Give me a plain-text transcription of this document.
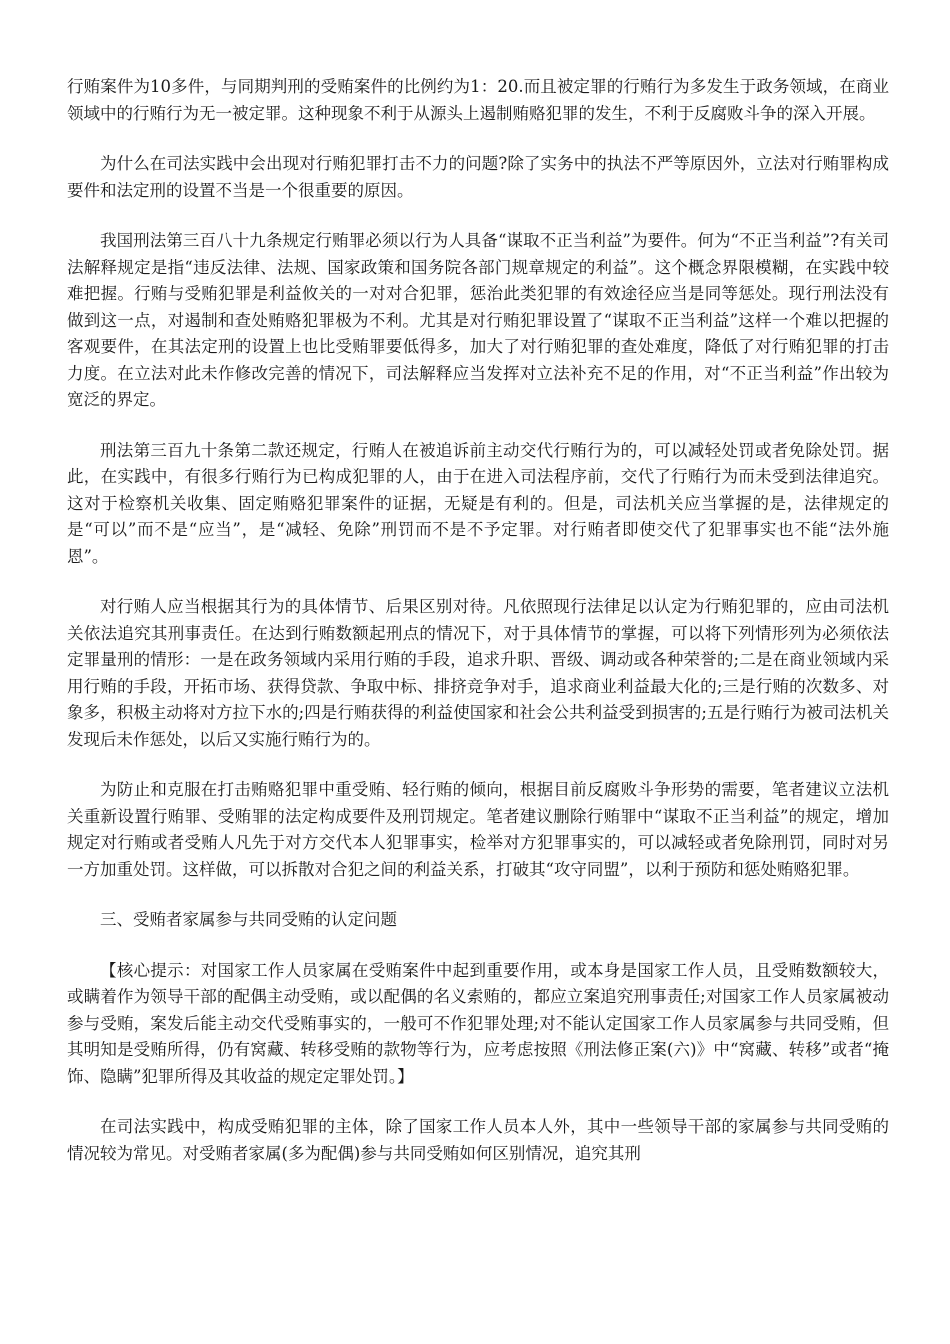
行贿案件为10多件，与同期判刑的受贿案件的比例约为1：20.而且被定罪的行贿行为多发生于政务领域，在商业领域中的行贿行为无一被定罪。这种现象不利于从源头上遏制贿赂犯罪的发生，不利于反腐败斗争的深入开展。

为什么在司法实践中会出现对行贿犯罪打击不力的问题?除了实务中的执法不严等原因外，立法对行贿罪构成要件和法定刑的设置不当是一个很重要的原因。

我国刑法第三百八十九条规定行贿罪必须以行为人具备“谋取不正当利益”为要件。何为“不正当利益”?有关司法解释规定是指“违反法律、法规、国家政策和国务院各部门规章规定的利益”。这个概念界限模糊，在实践中较难把握。行贿与受贿犯罪是利益攸关的一对对合犯罪，惩治此类犯罪的有效途径应当是同等惩处。现行刑法没有做到这一点，对遏制和查处贿赂犯罪极为不利。尤其是对行贿犯罪设置了“谋取不正当利益”这样一个难以把握的客观要件，在其法定刑的设置上也比受贿罪要低得多，加大了对行贿犯罪的查处难度，降低了对行贿犯罪的打击力度。在立法对此未作修改完善的情况下，司法解释应当发挥对立法补充不足的作用，对“不正当利益”作出较为宽泛的界定。

刑法第三百九十条第二款还规定，行贿人在被追诉前主动交代行贿行为的，可以减轻处罚或者免除处罚。据此，在实践中，有很多行贿行为已构成犯罪的人，由于在进入司法程序前，交代了行贿行为而未受到法律追究。这对于检察机关收集、固定贿赂犯罪案件的证据，无疑是有利的。但是，司法机关应当掌握的是，法律规定的是“可以”而不是“应当”，是“减轻、免除”刑罚而不是不予定罪。对行贿者即使交代了犯罪事实也不能“法外施恩”。

对行贿人应当根据其行为的具体情节、后果区别对待。凡依照现行法律足以认定为行贿犯罪的，应由司法机关依法追究其刑事责任。在达到行贿数额起刑点的情况下，对于具体情节的掌握，可以将下列情形列为必须依法定罪量刑的情形：一是在政务领域内采用行贿的手段，追求升职、晋级、调动或各种荣誉的;二是在商业领域内采用行贿的手段，开拓市场、获得贷款、争取中标、排挤竞争对手，追求商业利益最大化的;三是行贿的次数多、对象多，积极主动将对方拉下水的;四是行贿获得的利益使国家和社会公共利益受到损害的;五是行贿行为被司法机关发现后未作惩处，以后又实施行贿行为的。

为防止和克服在打击贿赂犯罪中重受贿、轻行贿的倾向，根据目前反腐败斗争形势的需要，笔者建议立法机关重新设置行贿罪、受贿罪的法定构成要件及刑罚规定。笔者建议删除行贿罪中“谋取不正当利益”的规定，增加规定对行贿或者受贿人凡先于对方交代本人犯罪事实，检举对方犯罪事实的，可以减轻或者免除刑罚，同时对另一方加重处罚。这样做，可以拆散对合犯之间的利益关系，打破其“攻守同盟”，以利于预防和惩处贿赂犯罪。

三、受贿者家属参与共同受贿的认定问题

【核心提示：对国家工作人员家属在受贿案件中起到重要作用，或本身是国家工作人员，且受贿数额较大，或瞒着作为领导干部的配偶主动受贿，或以配偶的名义索贿的，都应立案追究刑事责任;对国家工作人员家属被动参与受贿，案发后能主动交代受贿事实的，一般可不作犯罪处理;对不能认定国家工作人员家属参与共同受贿，但其明知是受贿所得，仍有窝藏、转移受贿的款物等行为，应考虑按照《刑法修正案(六)》中“窝藏、转移”或者“掩饰、隐瞒”犯罪所得及其收益的规定定罪处罚。】

在司法实践中，构成受贿犯罪的主体，除了国家工作人员本人外，其中一些领导干部的家属参与共同受贿的情况较为常见。对受贿者家属(多为配偶)参与共同受贿如何区别情况，追究其刑
